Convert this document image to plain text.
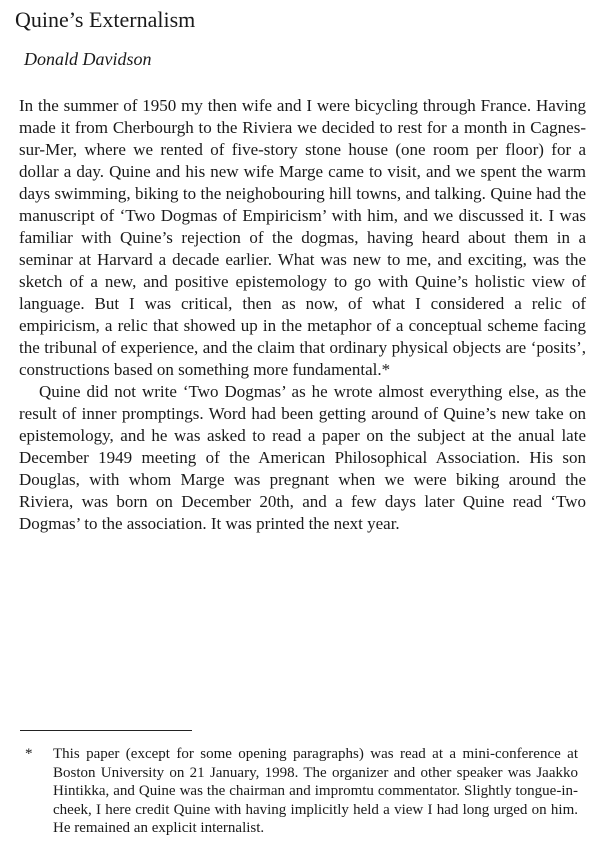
Quine’s Externalism
Donald Davidson

In the summer of 1950 my then wife and I were bicycling through France. Having made it from Cherbourgh to the Riviera we decided to rest for a month in Cagnes-sur-Mer, where we rented of five-story stone house (one room per floor) for a dollar a day. Quine and his new wife Marge came to visit, and we spent the warm days swimming, biking to the neighobouring hill towns, and talking. Quine had the manuscript of ‘Two Dogmas of Empiricism’ with him, and we discussed it. I was familiar with Quine’s rejection of the dogmas, having heard about them in a seminar at Harvard a decade earlier. What was new to me, and exciting, was the sketch of a new, and positive epistemology to go with Quine’s holistic view of language. But I was critical, then as now, of what I considered a relic of empiricism, a relic that showed up in the metaphor of a conceptual scheme facing the tribunal of experience, and the claim that ordinary physical objects are ‘posits’, constructions based on something more fundamental.*

Quine did not write ‘Two Dogmas’ as he wrote almost everything else, as the result of inner promptings. Word had been getting around of Quine’s new take on epistemology, and he was asked to read a paper on the subject at the anual late December 1949 meeting of the American Philosophical Association. His son Douglas, with whom Marge was pregnant when we were biking around the Riviera, was born on December 20th, and a few days later Quine read ‘Two Dogmas’ to the association. It was printed the next year.

* This paper (except for some opening paragraphs) was read at a mini-conference at Boston University on 21 January, 1998. The organizer and other speaker was Jaakko Hintikka, and Quine was the chairman and impromtu commentator. Slightly tongue-in-cheek, I here credit Quine with having implicitly held a view I had long urged on him. He remained an explicit internalist.
